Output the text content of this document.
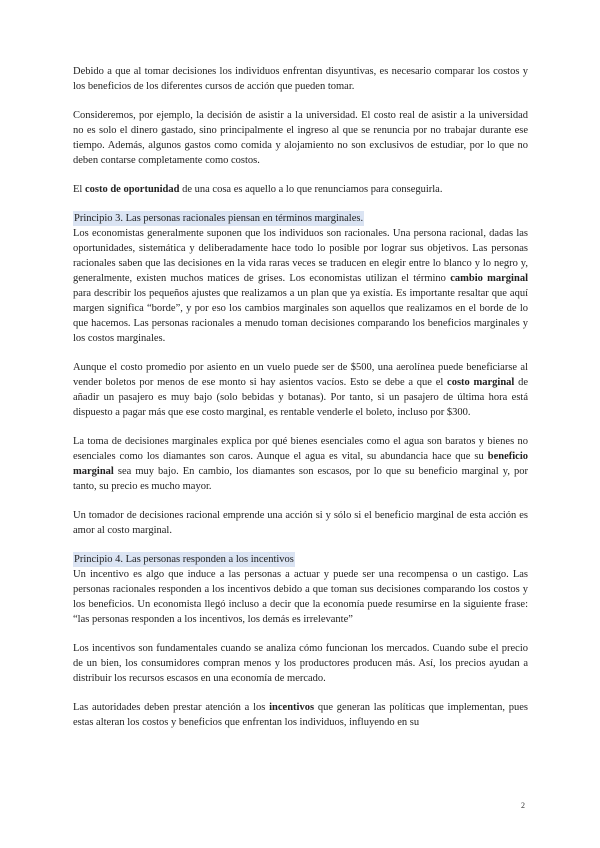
Debido a que al tomar decisiones los individuos enfrentan disyuntivas, es necesario comparar los costos y los beneficios de los diferentes cursos de acción que pueden tomar.

Consideremos, por ejemplo, la decisión de asistir a la universidad. El costo real de asistir a la universidad no es solo el dinero gastado, sino principalmente el ingreso al que se renuncia por no trabajar durante ese tiempo. Además, algunos gastos como comida y alojamiento no son exclusivos de estudiar, por lo que no deben contarse completamente como costos.

El costo de oportunidad de una cosa es aquello a lo que renunciamos para conseguirla.

Principio 3. Las personas racionales piensan en términos marginales.

Los economistas generalmente suponen que los individuos son racionales. Una persona racional, dadas las oportunidades, sistemática y deliberadamente hace todo lo posible por lograr sus objetivos. Las personas racionales saben que las decisiones en la vida raras veces se traducen en elegir entre lo blanco y lo negro y, generalmente, existen muchos matices de grises. Los economistas utilizan el término cambio marginal para describir los pequeños ajustes que realizamos a un plan que ya existía. Es importante resaltar que aquí margen significa “borde”, y por eso los cambios marginales son aquellos que realizamos en el borde de lo que hacemos. Las personas racionales a menudo toman decisiones comparando los beneficios marginales y los costos marginales.

Aunque el costo promedio por asiento en un vuelo puede ser de $500, una aerolínea puede beneficiarse al vender boletos por menos de ese monto si hay asientos vacíos. Esto se debe a que el costo marginal de añadir un pasajero es muy bajo (solo bebidas y botanas). Por tanto, si un pasajero de última hora está dispuesto a pagar más que ese costo marginal, es rentable venderle el boleto, incluso por $300.

La toma de decisiones marginales explica por qué bienes esenciales como el agua son baratos y bienes no esenciales como los diamantes son caros. Aunque el agua es vital, su abundancia hace que su beneficio marginal sea muy bajo. En cambio, los diamantes son escasos, por lo que su beneficio marginal y, por tanto, su precio es mucho mayor.

Un tomador de decisiones racional emprende una acción si y sólo si el beneficio marginal de esta acción es amor al costo marginal.

Principio 4. Las personas responden a los incentivos

Un incentivo es algo que induce a las personas a actuar y puede ser una recompensa o un castigo. Las personas racionales responden a los incentivos debido a que toman sus decisiones comparando los costos y los beneficios. Un economista llegó incluso a decir que la economía puede resumirse en la siguiente frase: “las personas responden a los incentivos, los demás es irrelevante”

Los incentivos son fundamentales cuando se analiza cómo funcionan los mercados. Cuando sube el precio de un bien, los consumidores compran menos y los productores producen más. Así, los precios ayudan a distribuir los recursos escasos en una economía de mercado.

Las autoridades deben prestar atención a los incentivos que generan las políticas que implementan, pues estas alteran los costos y beneficios que enfrentan los individuos, influyendo en su

2
